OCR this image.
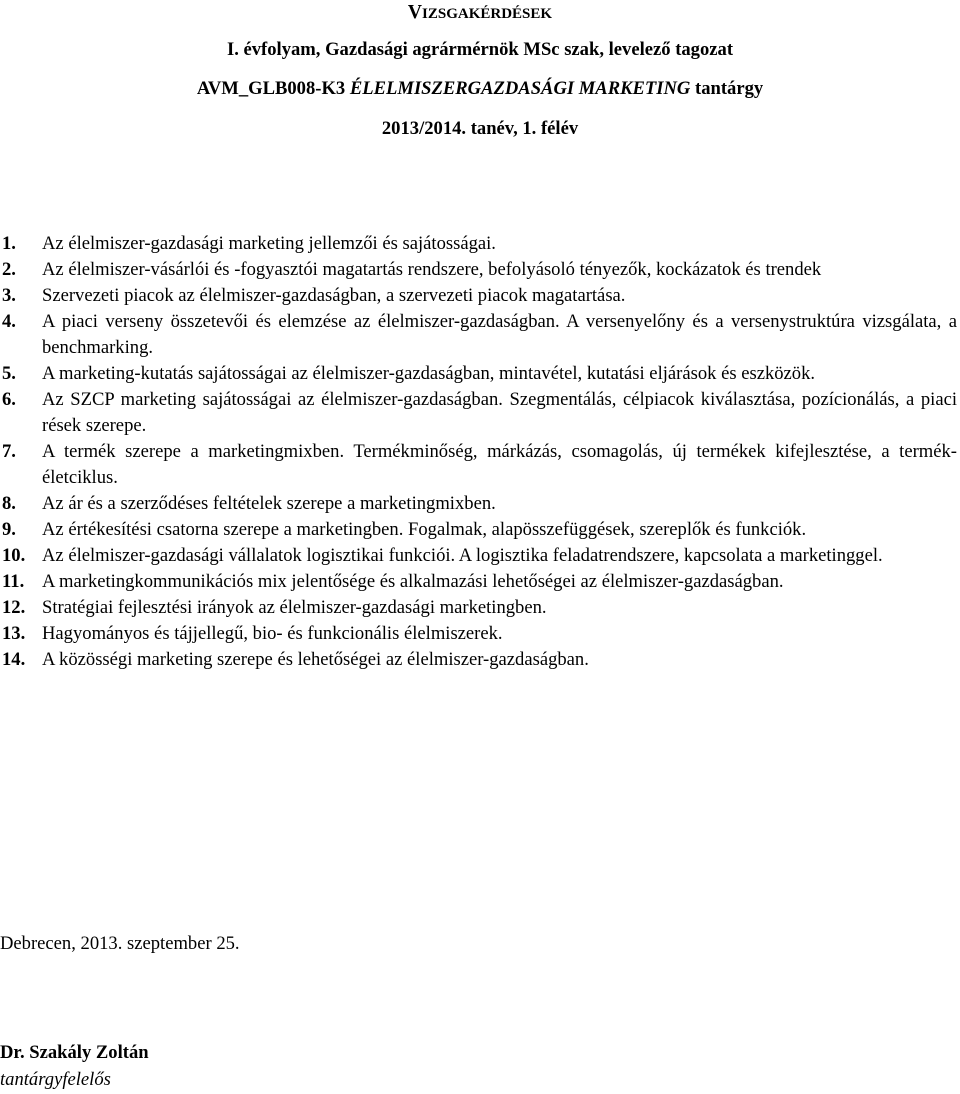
VIZSGAKÉRDÉSEK
I. évfolyam, Gazdasági agrármérnök MSc szak, levelező tagozat
AVM_GLB008-K3 ÉLELMISZERGAZDASÁGI MARKETING tantárgy
2013/2014. tanév, 1. félév
1. Az élelmiszer-gazdasági marketing jellemzői és sajátosságai.
2. Az élelmiszer-vásárlói és -fogyasztói magatartás rendszere, befolyásoló tényezők, kockázatok és trendek
3. Szervezeti piacok az élelmiszer-gazdaságban, a szervezeti piacok magatartása.
4. A piaci verseny összetevői és elemzése az élelmiszer-gazdaságban. A versenyelőny és a versenystruktúra vizsgálata, a benchmarking.
5. A marketing-kutatás sajátosságai az élelmiszer-gazdaságban, mintavétel, kutatási eljárások és eszközök.
6. Az SZCP marketing sajátosságai az élelmiszer-gazdaságban. Szegmentálás, célpiacok kiválasztása, pozícionálás, a piaci rések szerepe.
7. A termék szerepe a marketingmixben. Termékminőség, márkázás, csomagolás, új termékek kifejlesztése, a termék-életciklus.
8. Az ár és a szerződéses feltételek szerepe a marketingmixben.
9. Az értékesítési csatorna szerepe a marketingben. Fogalmak, alapösszefüggések, szereplők és funkciók.
10. Az élelmiszer-gazdasági vállalatok logisztikai funkciói. A logisztika feladatrendszere, kapcsolata a marketinggel.
11. A marketingkommunikációs mix jelentősége és alkalmazási lehetőségei az élelmiszer-gazdaságban.
12. Stratégiai fejlesztési irányok az élelmiszer-gazdasági marketingben.
13. Hagyományos és tájjellegű, bio- és funkcionális élelmiszerek.
14. A közösségi marketing szerepe és lehetőségei az élelmiszer-gazdaságban.
Debrecen, 2013. szeptember 25.
Dr. Szakály Zoltán
tantárgyfelelős
